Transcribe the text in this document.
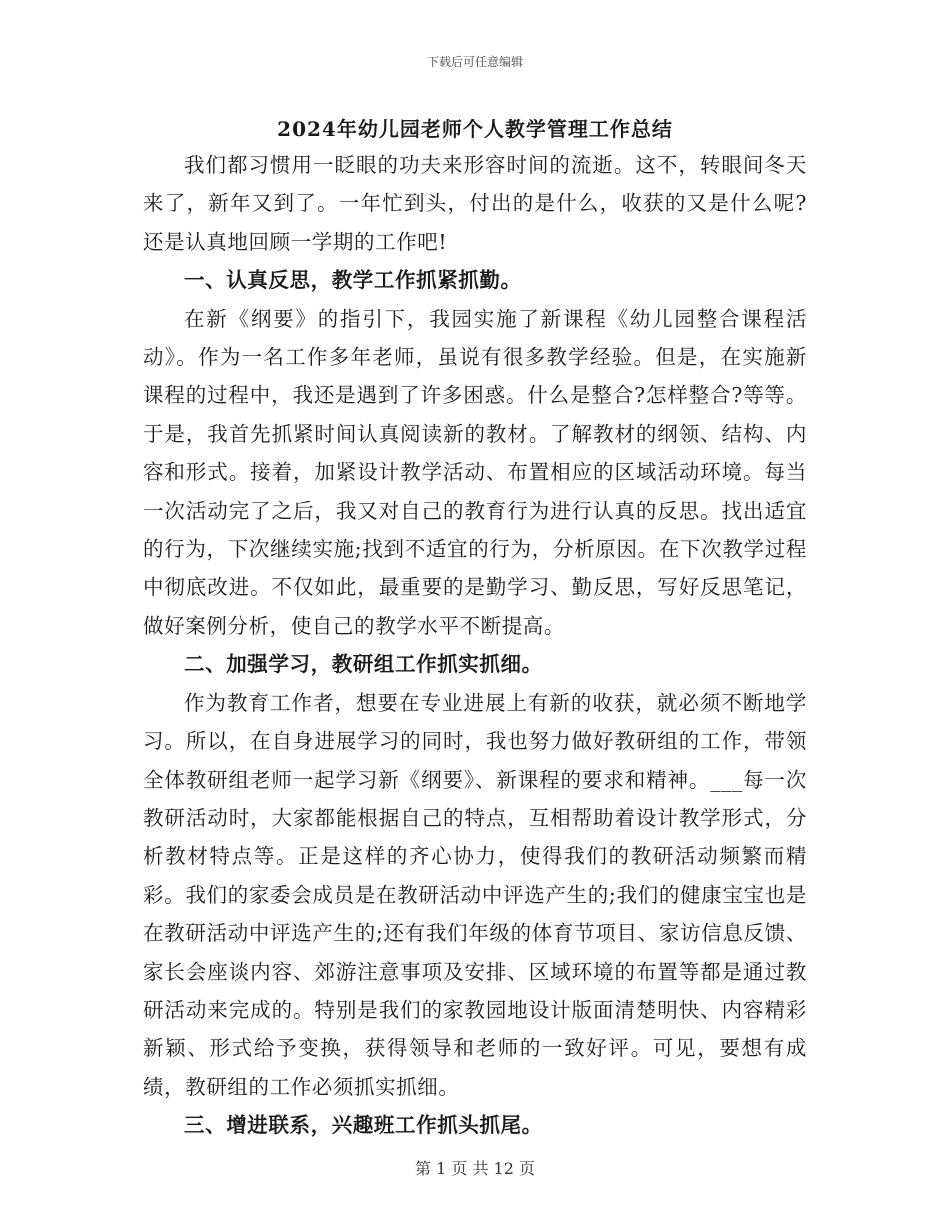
下载后可任意编辑
2024年幼儿园老师个人教学管理工作总结

我们都习惯用一眨眼的功夫来形容时间的流逝。这不，转眼间冬天来了，新年又到了。一年忙到头，付出的是什么，收获的又是什么呢?还是认真地回顾一学期的工作吧!

一、认真反思，教学工作抓紧抓勤。

在新《纲要》的指引下，我园实施了新课程《幼儿园整合课程活动》。作为一名工作多年老师，虽说有很多教学经验。但是，在实施新课程的过程中，我还是遇到了许多困惑。什么是整合?怎样整合?等等。于是，我首先抓紧时间认真阅读新的教材。了解教材的纲领、结构、内容和形式。接着，加紧设计教学活动、布置相应的区域活动环境。每当一次活动完了之后，我又对自己的教育行为进行认真的反思。找出适宜的行为，下次继续实施;找到不适宜的行为，分析原因。在下次教学过程中彻底改进。不仅如此，最重要的是勤学习、勤反思，写好反思笔记，做好案例分析，使自己的教学水平不断提高。

二、加强学习，教研组工作抓实抓细。

作为教育工作者，想要在专业进展上有新的收获，就必须不断地学习。所以，在自身进展学习的同时，我也努力做好教研组的工作，带领全体教研组老师一起学习新《纲要》、新课程的要求和精神。___每一次教研活动时，大家都能根据自己的特点，互相帮助着设计教学形式，分析教材特点等。正是这样的齐心协力，使得我们的教研活动频繁而精彩。我们的家委会成员是在教研活动中评选产生的;我们的健康宝宝也是在教研活动中评选产生的;还有我们年级的体育节项目、家访信息反馈、家长会座谈内容、郊游注意事项及安排、区域环境的布置等都是通过教研活动来完成的。特别是我们的家教园地设计版面清楚明快、内容精彩新颖、形式给予变换，获得领导和老师的一致好评。可见，要想有成绩，教研组的工作必须抓实抓细。

三、增进联系，兴趣班工作抓头抓尾。

第 1 页 共 12 页
